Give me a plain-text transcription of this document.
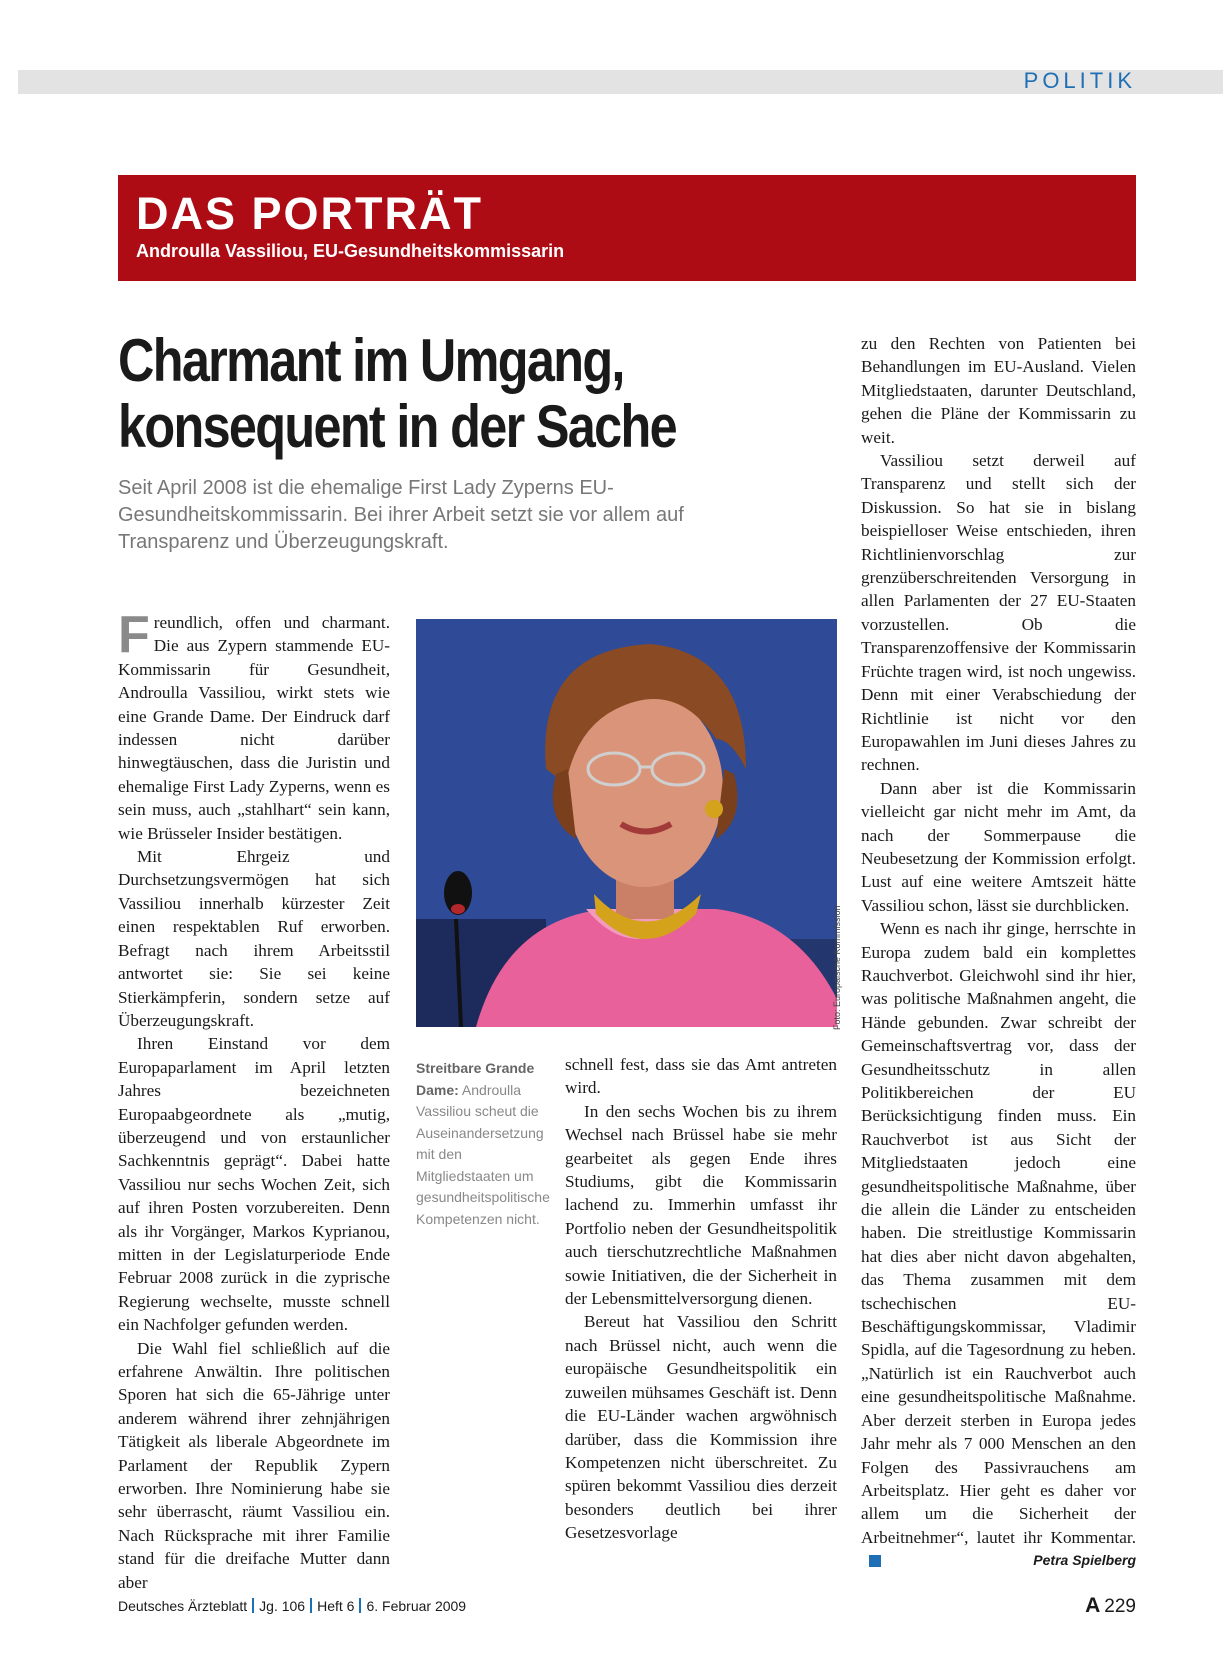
POLITIK
DAS PORTRÄT
Androulla Vassiliou, EU-Gesundheitskommissarin
Charmant im Umgang,
konsequent in der Sache
Seit April 2008 ist die ehemalige First Lady Zyperns EU-Gesundheitskommissarin. Bei ihrer Arbeit setzt sie vor allem auf Transparenz und Überzeugungskraft.

Freundlich, offen und charmant. Die aus Zypern stammende EU-Kommissarin für Gesundheit, Androulla Vassiliou, wirkt stets wie eine Grande Dame. Der Eindruck darf indessen nicht darüber hinwegtäuschen, dass die Juristin und ehemalige First Lady Zyperns, wenn es sein muss, auch „stahlhart“ sein kann, wie Brüsseler Insider bestätigen.

Mit Ehrgeiz und Durchsetzungsvermögen hat sich Vassiliou innerhalb kürzester Zeit einen respektablen Ruf erworben. Befragt nach ihrem Arbeitsstil antwortet sie: Sie sei keine Stierkämpferin, sondern setze auf Überzeugungskraft.

Ihren Einstand vor dem Europaparlament im April letzten Jahres bezeichneten Europaabgeordnete als „mutig, überzeugend und von erstaunlicher Sachkenntnis geprägt“. Dabei hatte Vassiliou nur sechs Wochen Zeit, sich auf ihren Posten vorzubereiten. Denn als ihr Vorgänger, Markos Kyprianou, mitten in der Legislaturperiode Ende Februar 2008 zurück in die zyprische Regierung wechselte, musste schnell ein Nachfolger gefunden werden.

Die Wahl fiel schließlich auf die erfahrene Anwältin. Ihre politischen Sporen hat sich die 65-Jährige unter anderem während ihrer zehnjährigen Tätigkeit als liberale Abgeordnete im Parlament der Republik Zypern erworben. Ihre Nominierung habe sie sehr überrascht, räumt Vassiliou ein. Nach Rücksprache mit ihrer Familie stand für die dreifache Mutter dann aber

Foto: Europäische Kommission
Streitbare Grande Dame: Androulla Vassiliou scheut die Auseinandersetzung mit den Mitgliedstaaten um gesundheitspolitische Kompetenzen nicht.

schnell fest, dass sie das Amt antreten wird.

In den sechs Wochen bis zu ihrem Wechsel nach Brüssel habe sie mehr gearbeitet als gegen Ende ihres Studiums, gibt die Kommissarin lachend zu. Immerhin umfasst ihr Portfolio neben der Gesundheitspolitik auch tierschutzrechtliche Maßnahmen sowie Initiativen, die der Sicherheit in der Lebensmittelversorgung dienen.

Bereut hat Vassiliou den Schritt nach Brüssel nicht, auch wenn die europäische Gesundheitspolitik ein zuweilen mühsames Geschäft ist. Denn die EU-Länder wachen argwöhnisch darüber, dass die Kommission ihre Kompetenzen nicht überschreitet. Zu spüren bekommt Vassiliou dies derzeit besonders deutlich bei ihrer Gesetzesvorlage

zu den Rechten von Patienten bei Behandlungen im EU-Ausland. Vielen Mitgliedstaaten, darunter Deutschland, gehen die Pläne der Kommissarin zu weit.

Vassiliou setzt derweil auf Transparenz und stellt sich der Diskussion. So hat sie in bislang beispielloser Weise entschieden, ihren Richtlinienvorschlag zur grenzüberschreitenden Versorgung in allen Parlamenten der 27 EU-Staaten vorzustellen. Ob die Transparenzoffensive der Kommissarin Früchte tragen wird, ist noch ungewiss. Denn mit einer Verabschiedung der Richtlinie ist nicht vor den Europawahlen im Juni dieses Jahres zu rechnen.

Dann aber ist die Kommissarin vielleicht gar nicht mehr im Amt, da nach der Sommerpause die Neubesetzung der Kommission erfolgt. Lust auf eine weitere Amtszeit hätte Vassiliou schon, lässt sie durchblicken.

Wenn es nach ihr ginge, herrschte in Europa zudem bald ein komplettes Rauchverbot. Gleichwohl sind ihr hier, was politische Maßnahmen angeht, die Hände gebunden. Zwar schreibt der Gemeinschaftsvertrag vor, dass der Gesundheitsschutz in allen Politikbereichen der EU Berücksichtigung finden muss. Ein Rauchverbot ist aus Sicht der Mitgliedstaaten jedoch eine gesundheitspolitische Maßnahme, über die allein die Länder zu entscheiden haben. Die streitlustige Kommissarin hat dies aber nicht davon abgehalten, das Thema zusammen mit dem tschechischen EU-Beschäftigungskommissar, Vladimir Spidla, auf die Tagesordnung zu heben. „Natürlich ist ein Rauchverbot auch eine gesundheitspolitische Maßnahme. Aber derzeit sterben in Europa jedes Jahr mehr als 7 000 Menschen an den Folgen des Passivrauchens am Arbeitsplatz. Hier geht es daher vor allem um die Sicherheit der Arbeitnehmer“, lautet ihr Kommentar.

Petra Spielberg
Deutsches Ärzteblatt Jg. 106 Heft 6 6. Februar 2009	A 229
